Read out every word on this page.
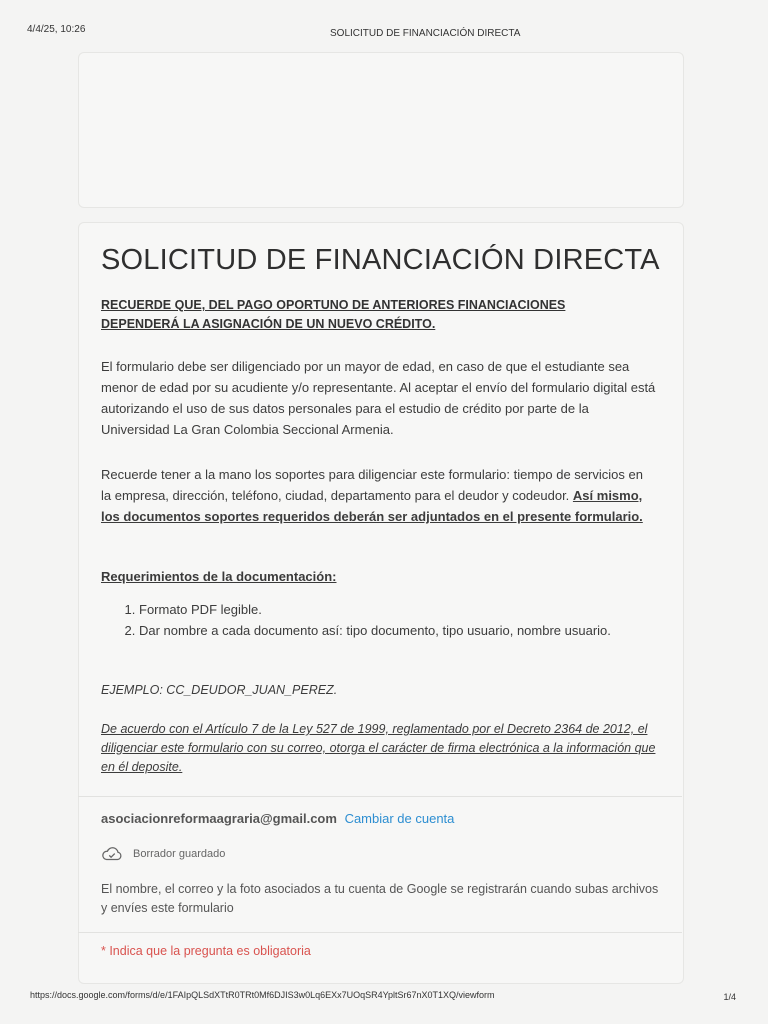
4/4/25, 10:26	SOLICITUD DE FINANCIACIÓN DIRECTA
SOLICITUD DE FINANCIACIÓN DIRECTA
RECUERDE QUE, DEL PAGO OPORTUNO DE ANTERIORES FINANCIACIONES DEPENDERÁ LA ASIGNACIÓN DE UN NUEVO CRÉDITO.
El formulario debe ser diligenciado por un mayor de edad, en caso de que el estudiante sea menor de edad por su acudiente y/o representante. Al aceptar el envío del formulario digital está autorizando el uso de sus datos personales para el estudio de crédito por parte de la Universidad La Gran Colombia Seccional Armenia.
Recuerde tener a la mano los soportes para diligenciar este formulario: tiempo de servicios en la empresa, dirección, teléfono, ciudad, departamento para el deudor y codeudor. Así mismo, los documentos soportes requeridos deberán ser adjuntados en el presente formulario.
Requerimientos de la documentación:
1. Formato PDF legible.
2. Dar nombre a cada documento así: tipo documento, tipo usuario, nombre usuario.
EJEMPLO: CC_DEUDOR_JUAN_PEREZ.
De acuerdo con el Artículo 7 de la Ley 527 de 1999, reglamentado por el Decreto 2364 de 2012, el diligenciar este formulario con su correo, otorga el carácter de firma electrónica a la información que en él deposite.
asociacionreformaagraria@gmail.com Cambiar de cuenta
Borrador guardado
El nombre, el correo y la foto asociados a tu cuenta de Google se registrarán cuando subas archivos y envíes este formulario
* Indica que la pregunta es obligatoria
https://docs.google.com/forms/d/e/1FAIpQLSdXTtR0TRt0Mf6DJIS3w0Lq6EXx7UOqSR4YpltSr67nX0T1XQ/viewform	1/4
